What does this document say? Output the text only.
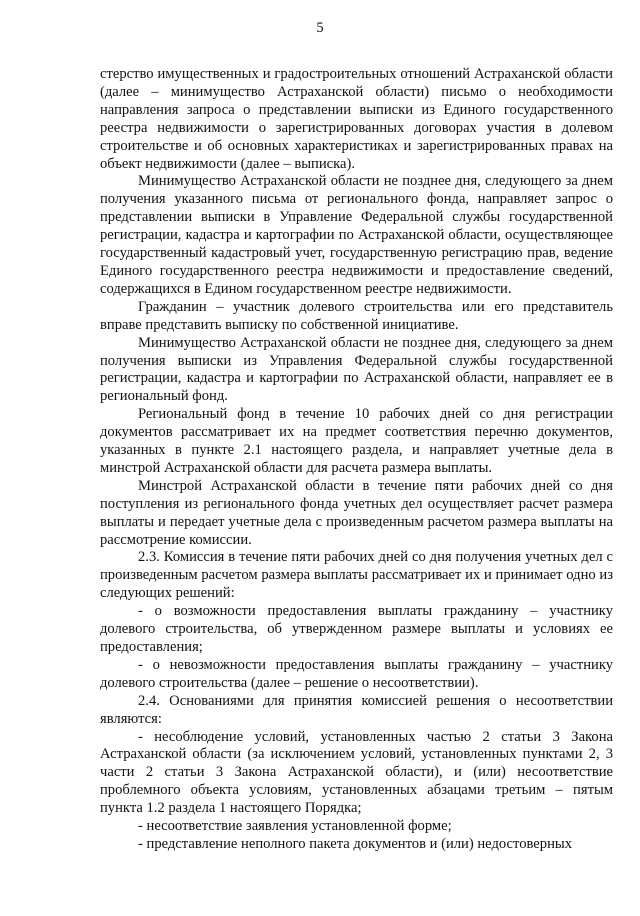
5

стерство имущественных и градостроительных отношений Астраханской области (далее – минимущество Астраханской области) письмо о необходимости направления запроса о представлении выписки из Единого государственного реестра недвижимости о зарегистрированных договорах участия в долевом строительстве и об основных характеристиках и зарегистрированных правах на объект недвижимости (далее – выписка).

Минимущество Астраханской области не позднее дня, следующего за днем получения указанного письма от регионального фонда, направляет запрос о представлении выписки в Управление Федеральной службы государственной регистрации, кадастра и картографии по Астраханской области, осуществляющее государственный кадастровый учет, государственную регистрацию прав, ведение Единого государственного реестра недвижимости и предоставление сведений, содержащихся в Едином государственном реестре недвижимости.

Гражданин – участник долевого строительства или его представитель вправе представить выписку по собственной инициативе.

Минимущество Астраханской области не позднее дня, следующего за днем получения выписки из Управления Федеральной службы государственной регистрации, кадастра и картографии по Астраханской области, направляет ее в региональный фонд.

Региональный фонд в течение 10 рабочих дней со дня регистрации документов рассматривает их на предмет соответствия перечню документов, указанных в пункте 2.1 настоящего раздела, и направляет учетные дела в минстрой Астраханской области для расчета размера выплаты.

Минстрой Астраханской области в течение пяти рабочих дней со дня поступления из регионального фонда учетных дел осуществляет расчет размера выплаты и передает учетные дела с произведенным расчетом размера выплаты на рассмотрение комиссии.

2.3. Комиссия в течение пяти рабочих дней со дня получения учетных дел с произведенным расчетом размера выплаты рассматривает их и принимает одно из следующих решений:

- о возможности предоставления выплаты гражданину – участнику долевого строительства, об утвержденном размере выплаты и условиях ее предоставления;

- о невозможности предоставления выплаты гражданину – участнику долевого строительства (далее – решение о несоответствии).

2.4. Основаниями для принятия комиссией решения о несоответствии являются:

- несоблюдение условий, установленных частью 2 статьи 3 Закона Астраханской области (за исключением условий, установленных пунктами 2, 3 части 2 статьи 3 Закона Астраханской области), и (или) несоответствие проблемного объекта условиям, установленных абзацами третьим – пятым пункта 1.2 раздела 1 настоящего Порядка;

- несоответствие заявления установленной форме;

- представление неполного пакета документов и (или) недостоверных
